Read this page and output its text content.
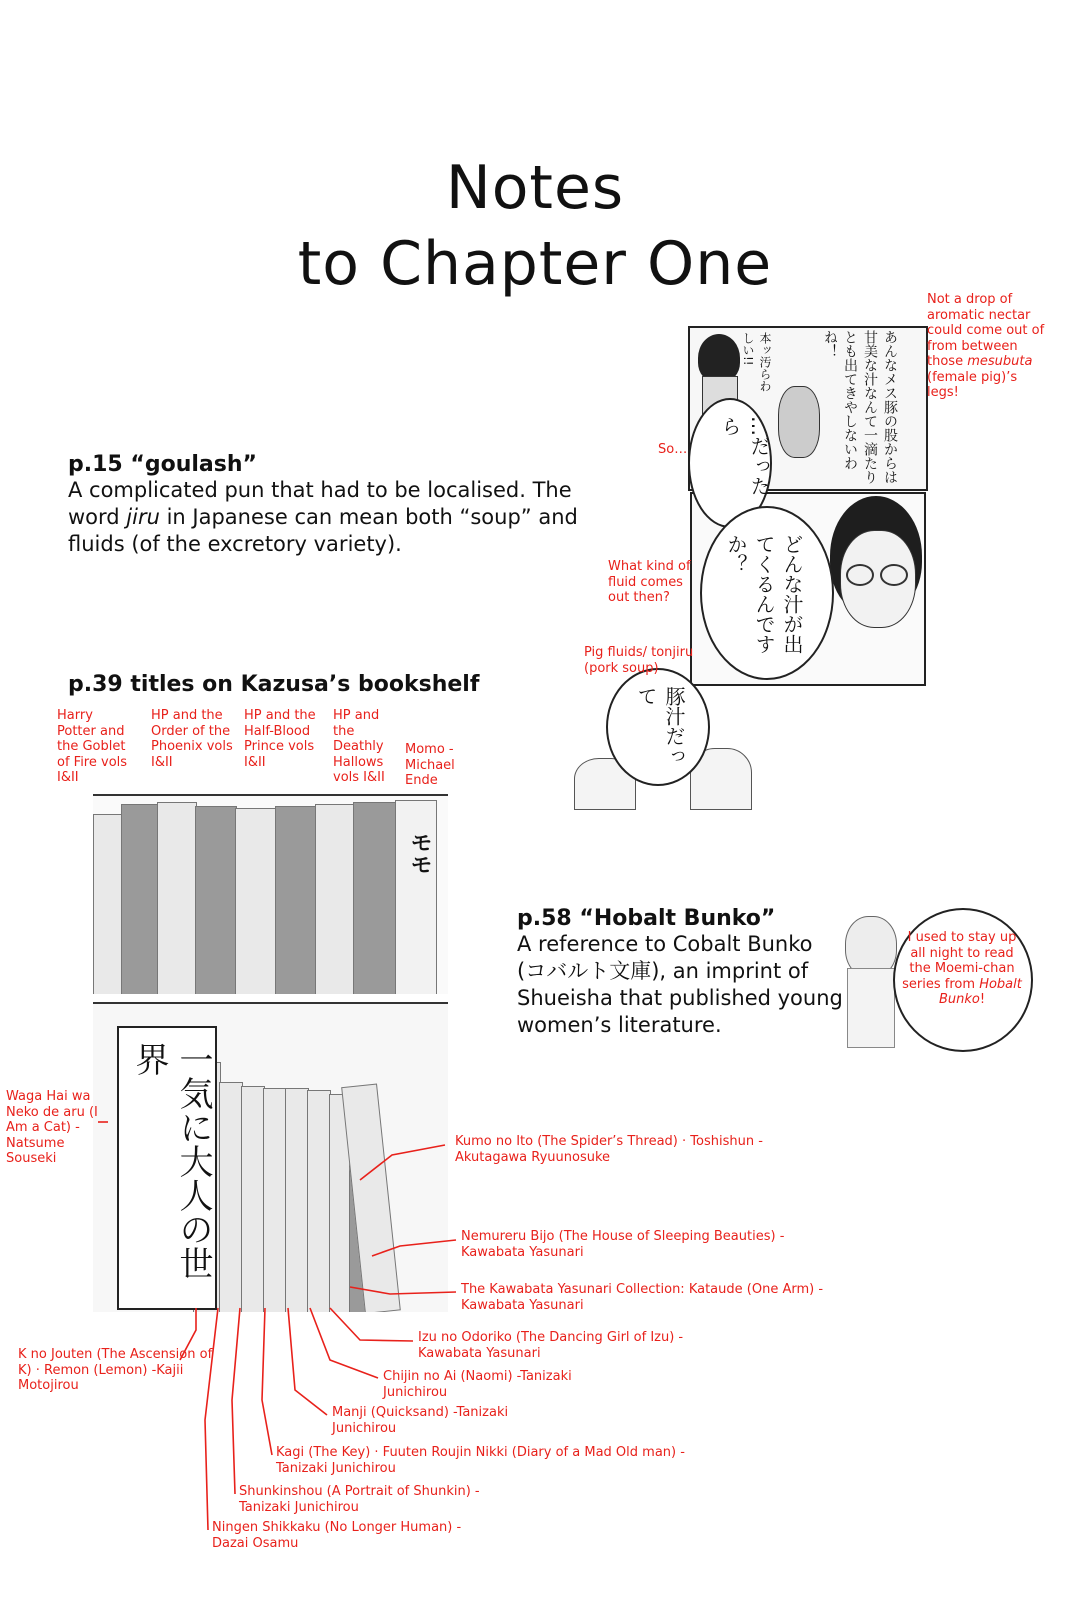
Notes
to Chapter One
p.15 “goulash”
A complicated pun that had to be localised. The word jiru in Japanese can mean both “soup” and fluids (of the excretory variety).
p.39 titles on Kazusa’s bookshelf
p.58 “Hobalt Bunko”
A reference to Cobalt Bunko (コバルト文庫), an imprint of Shueisha that published young women’s literature.
本ッ汚らわしい!!	あんなメス豚の股からは甘美な汁なんて一滴たりとも出てきやしないわね！
…だったら
どんな汁が出てくるんですか？
豚汁だって
Not a drop of aromatic nectar could come out of from between those mesubuta (female pig)’s legs!
So…
What kind of fluid comes out then?
Pig fluids/ tonjiru (pork soup)
Harry Potter and the Goblet of Fire vols I&II
HP and the Order of the Phoenix vols I&II
HP and the Half-Blood Prince vols I&II
HP and the Deathly Hallows vols I&II
Momo -Michael Ende
モモ
一気に大人の世界
Waga Hai wa Neko de aru (I Am a Cat) -Natsume Souseki
Kumo no Ito (The Spider’s Thread) · Toshishun -Akutagawa Ryuunosuke
Nemureru Bijo (The House of Sleeping Beauties) -Kawabata Yasunari
The Kawabata Yasunari Collection: Kataude (One Arm) -Kawabata Yasunari
Izu no Odoriko (The Dancing Girl of Izu) -Kawabata Yasunari
Chijin no Ai (Naomi) -Tanizaki Junichirou
Manji (Quicksand) -Tanizaki Junichirou
Kagi (The Key) · Fuuten Roujin Nikki (Diary of a Mad Old man) -Tanizaki Junichirou
Shunkinshou (A Portrait of Shunkin) -Tanizaki Junichirou
Ningen Shikkaku (No Longer Human) -Dazai Osamu
K no Jouten (The Ascension of K) · Remon (Lemon) -Kajii Motojirou
I used to stay up all night to read the Moemi-chan series from Hobalt Bunko!
